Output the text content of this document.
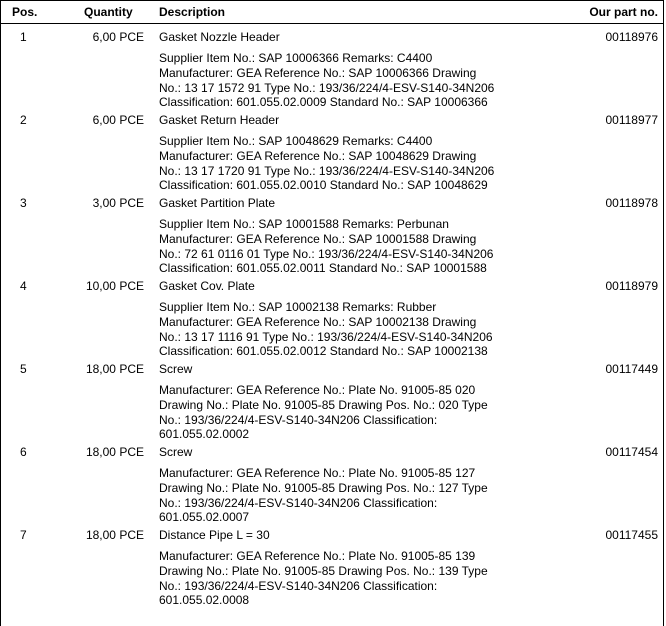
Pos.	Quantity Description	Our part no.
1	6,00 PCE Gasket Nozzle Header	00118976
Supplier Item No.: SAP 10006366 Remarks: C4400
Manufacturer: GEA Reference No.: SAP 10006366 Drawing
No.: 13 17 1572 91 Type No.: 193/36/224/4-ESV-S140-34N206
Classification: 601.055.02.0009 Standard No.: SAP 10006366
2	6,00 PCE Gasket Return Header	00118977
Supplier Item No.: SAP 10048629 Remarks: C4400
Manufacturer: GEA Reference No.: SAP 10048629 Drawing
No.: 13 17 1720 91 Type No.: 193/36/224/4-ESV-S140-34N206
Classification: 601.055.02.0010 Standard No.: SAP 10048629
3	3,00 PCE Gasket Partition Plate	00118978
Supplier Item No.: SAP 10001588 Remarks: Perbunan
Manufacturer: GEA Reference No.: SAP 10001588 Drawing
No.: 72 61 0116 01 Type No.: 193/36/224/4-ESV-S140-34N206
Classification: 601.055.02.0011 Standard No.: SAP 10001588
4	10,00 PCE Gasket Cov. Plate	00118979
Supplier Item No.: SAP 10002138 Remarks: Rubber
Manufacturer: GEA Reference No.: SAP 10002138 Drawing
No.: 13 17 1116 91 Type No.: 193/36/224/4-ESV-S140-34N206
Classification: 601.055.02.0012 Standard No.: SAP 10002138
5	18,00 PCE Screw	00117449
Manufacturer: GEA Reference No.: Plate No. 91005-85 020
Drawing No.: Plate No. 91005-85 Drawing Pos. No.: 020 Type
No.: 193/36/224/4-ESV-S140-34N206 Classification:
601.055.02.0002
6	18,00 PCE Screw	00117454
Manufacturer: GEA Reference No.: Plate No. 91005-85 127
Drawing No.: Plate No. 91005-85 Drawing Pos. No.: 127 Type
No.: 193/36/224/4-ESV-S140-34N206 Classification:
601.055.02.0007
7	18,00 PCE Distance Pipe L = 30	00117455
Manufacturer: GEA Reference No.: Plate No. 91005-85 139
Drawing No.: Plate No. 91005-85 Drawing Pos. No.: 139 Type
No.: 193/36/224/4-ESV-S140-34N206 Classification:
601.055.02.0008
